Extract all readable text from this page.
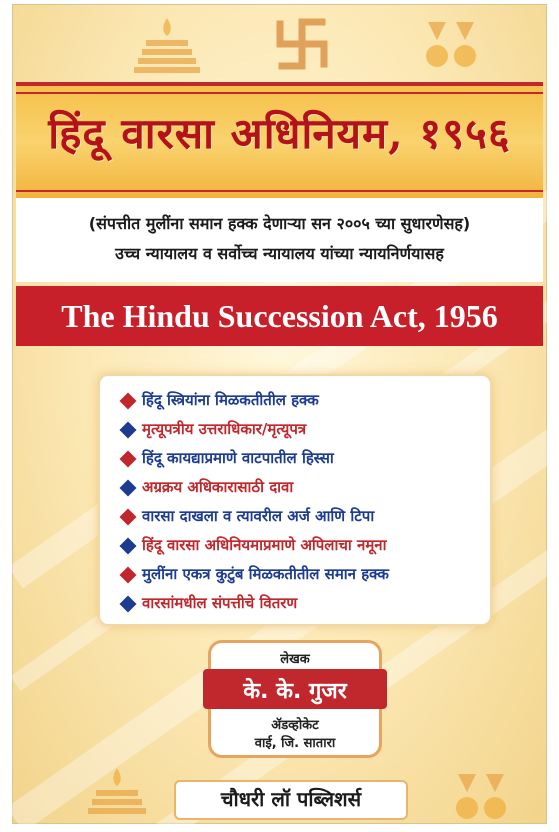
हिंदू वारसा अधिनियम, १९५६
(संपत्तीत मुलींना समान हक्क देणाऱ्या सन २००५ च्या सुधारणेसह)
उच्च न्यायालय व सर्वोच्च न्यायालय यांच्या न्यायनिर्णयासह
The Hindu Succession Act, 1956
हिंदू स्त्रियांना मिळकतीतील हक्क
मृत्यूपत्रीय उत्तराधिकार/मृत्यूपत्र
हिंदू कायद्याप्रमाणे वाटपातील हिस्सा
अग्रक्रय अधिकारासाठी दावा
वारसा दाखला व त्यावरील अर्ज आणि टिपा
हिंदू वारसा अधिनियमाप्रमाणे अपिलाचा नमूना
मुलींना एकत्र कुटुंब मिळकतीतील समान हक्क
वारसांमधील संपत्तीचे वितरण
लेखक
के. के. गुजर
ॲडव्होकेट
वाई, जि. सातारा
चौधरी लॉ पब्लिशर्स
